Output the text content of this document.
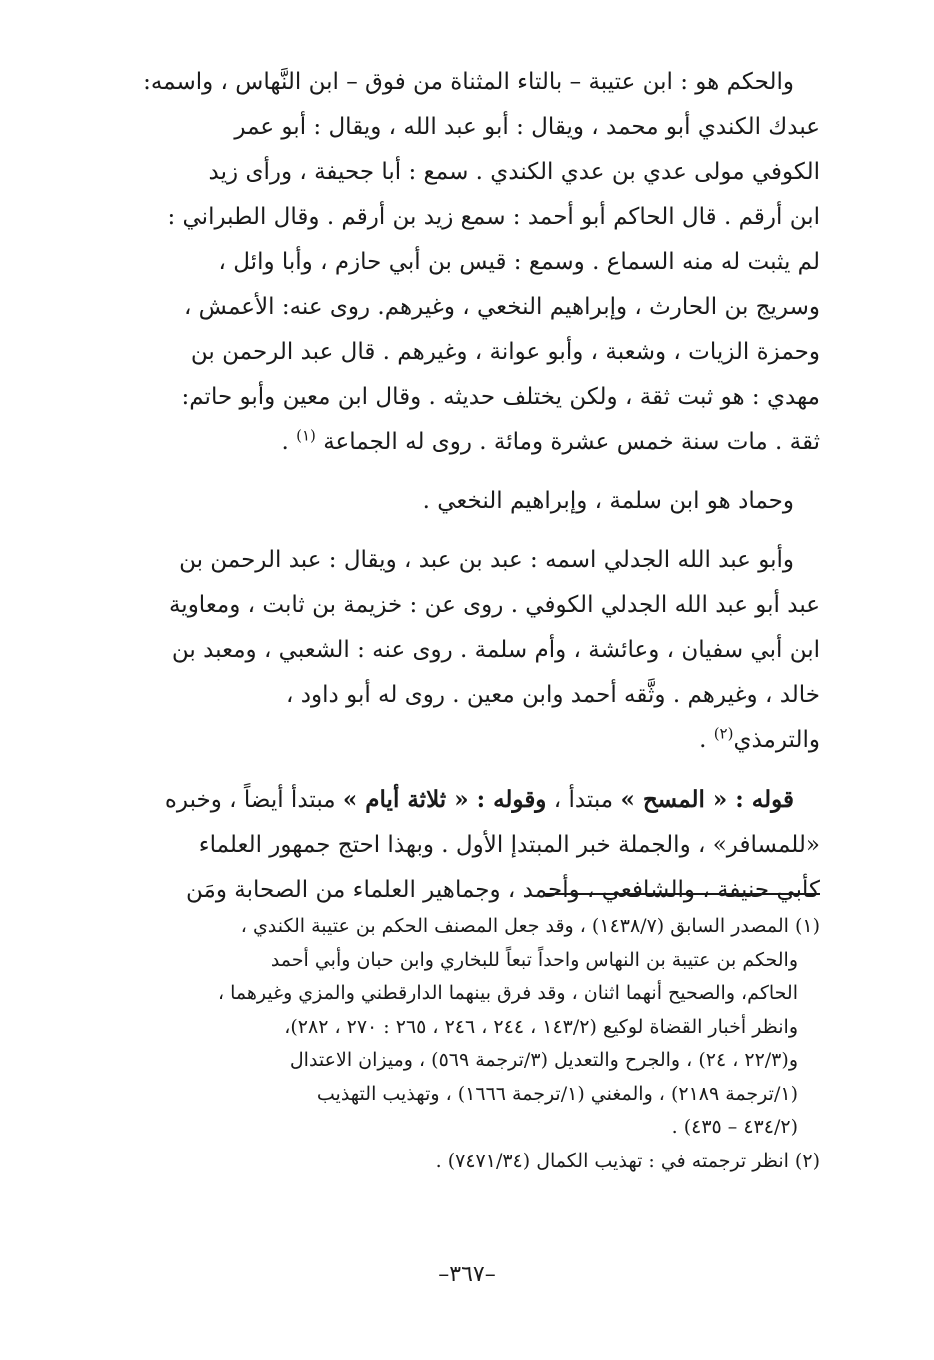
والحكم هو : ابن عتيبة – بالتاء المثناة من فوق – ابن النَّهاس ، واسمه:
عبدك الكندي أبو محمد ، ويقال : أبو عبد الله ، ويقال : أبو عمر
الكوفي مولى عدي بن عدي الكندي . سمع : أبا جحيفة ، ورأى زيد
ابن أرقم . قال الحاكم أبو أحمد : سمع زيد بن أرقم . وقال الطبراني :
لم يثبت له منه السماع . وسمع : قيس بن أبي حازم ، وأبا وائل ،
وسريج بن الحارث ، وإبراهيم النخعي ، وغيرهم. روى عنه: الأعمش ،
وحمزة الزيات ، وشعبة ، وأبو عوانة ، وغيرهم . قال عبد الرحمن بن
مهدي : هو ثبت ثقة ، ولكن يختلف حديثه . وقال ابن معين وأبو حاتم:
ثقة . مات سنة خمس عشرة ومائة . روى له الجماعة $^{(١)}$ .

وحماد هو ابن سلمة ، وإبراهيم النخعي .

وأبو عبد الله الجدلي اسمه : عبد بن عبد ، ويقال : عبد الرحمن بن
عبد أبو عبد الله الجدلي الكوفي . روى عن : خزيمة بن ثابت ، ومعاوية
ابن أبي سفيان ، وعائشة ، وأم سلمة . روى عنه : الشعبي ، ومعبد بن
خالد ، وغيرهم . وثَّقه أحمد وابن معين . روى له أبو داود ،
والترمذي$^{(٢)}$ .

قوله : « المسح » مبتدأ ، وقوله : « ثلاثة أيام » مبتدأ أيضاً ، وخبره
«للمسافر» ، والجملة خبر المبتدإ الأول . وبهذا احتج جمهور العلماء
كأبي حنيفة ، والشافعي ، وأحمد ، وجماهير العلماء من الصحابة ومَن

(١) المصدر السابق (١٤٣٨/٧) ، وقد جعل المصنف الحكم بن عتيبة الكندي ،
والحكم بن عتيبة بن النهاس واحداً تبعاً للبخاري وابن حبان وأبي أحمد
الحاكم، والصحيح أنهما اثنان ، وقد فرق بينهما الدارقطني والمزي وغيرهما ،
وانظر أخبار القضاة لوكيع (١٤٣/٢ ، ٢٤٤ ، ٢٤٦ ، ٢٦٥ : ٢٧٠ ، ٢٨٢)،
و(٢٢/٣ ، ٢٤) ، والجرح والتعديل (٣/ترجمة ٥٦٩) ، وميزان الاعتدال
(١/ترجمة ٢١٨٩) ، والمغني (١/ترجمة ١٦٦٦) ، وتهذيب التهذيب
(٤٣٤/٢ – ٤٣٥) .

(٢) انظر ترجمته في : تهذيب الكمال (٧٤٧١/٣٤) .

–٣٦٧–
